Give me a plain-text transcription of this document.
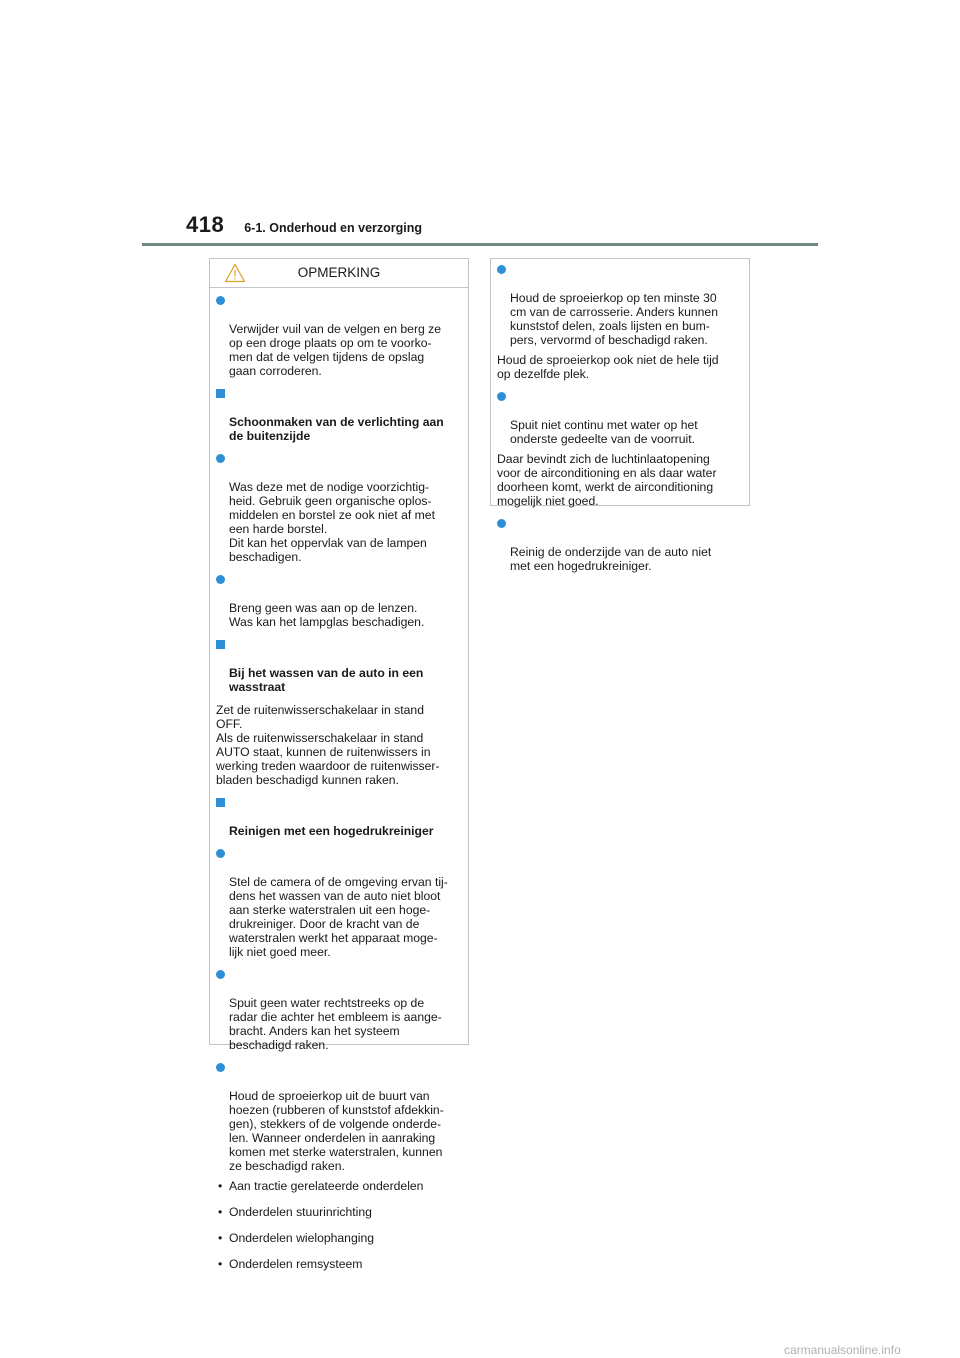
418 6-1. Onderhoud en verzorging
OPMERKING

Verwijder vuil van de velgen en berg ze
op een droge plaats op om te voorko-
men dat de velgen tijdens de opslag
gaan corroderen.

Schoonmaken van de verlichting aan
de buitenzijde

Was deze met de nodige voorzichtig-
heid. Gebruik geen organische oplos-
middelen en borstel ze ook niet af met
een harde borstel.
Dit kan het oppervlak van de lampen
beschadigen.

Breng geen was aan op de lenzen.
Was kan het lampglas beschadigen.

Bij het wassen van de auto in een
wasstraat

Zet de ruitenwisserschakelaar in stand
OFF.
Als de ruitenwisserschakelaar in stand
AUTO staat, kunnen de ruitenwissers in
werking treden waardoor de ruitenwisser-
bladen beschadigd kunnen raken.

Reinigen met een hogedrukreiniger

Stel de camera of de omgeving ervan tij-
dens het wassen van de auto niet bloot
aan sterke waterstralen uit een hoge-
drukreiniger. Door de kracht van de
waterstralen werkt het apparaat moge-
lijk niet goed meer.

Spuit geen water rechtstreeks op de
radar die achter het embleem is aange-
bracht. Anders kan het systeem
beschadigd raken.

Houd de sproeierkop uit de buurt van
hoezen (rubberen of kunststof afdekkin-
gen), stekkers of de volgende onderde-
len. Wanneer onderdelen in aanraking
komen met sterke waterstralen, kunnen
ze beschadigd raken.

• Aan tractie gerelateerde onderdelen
• Onderdelen stuurinrichting
• Onderdelen wielophanging
• Onderdelen remsysteem

Houd de sproeierkop op ten minste 30
cm van de carrosserie. Anders kunnen
kunststof delen, zoals lijsten en bum-
pers, vervormd of beschadigd raken.

Houd de sproeierkop ook niet de hele tijd
op dezelfde plek.

Spuit niet continu met water op het
onderste gedeelte van de voorruit.

Daar bevindt zich de luchtinlaatopening
voor de airconditioning en als daar water
doorheen komt, werkt de airconditioning
mogelijk niet goed.

Reinig de onderzijde van de auto niet
met een hogedrukreiniger.

carmanualsonline.info
